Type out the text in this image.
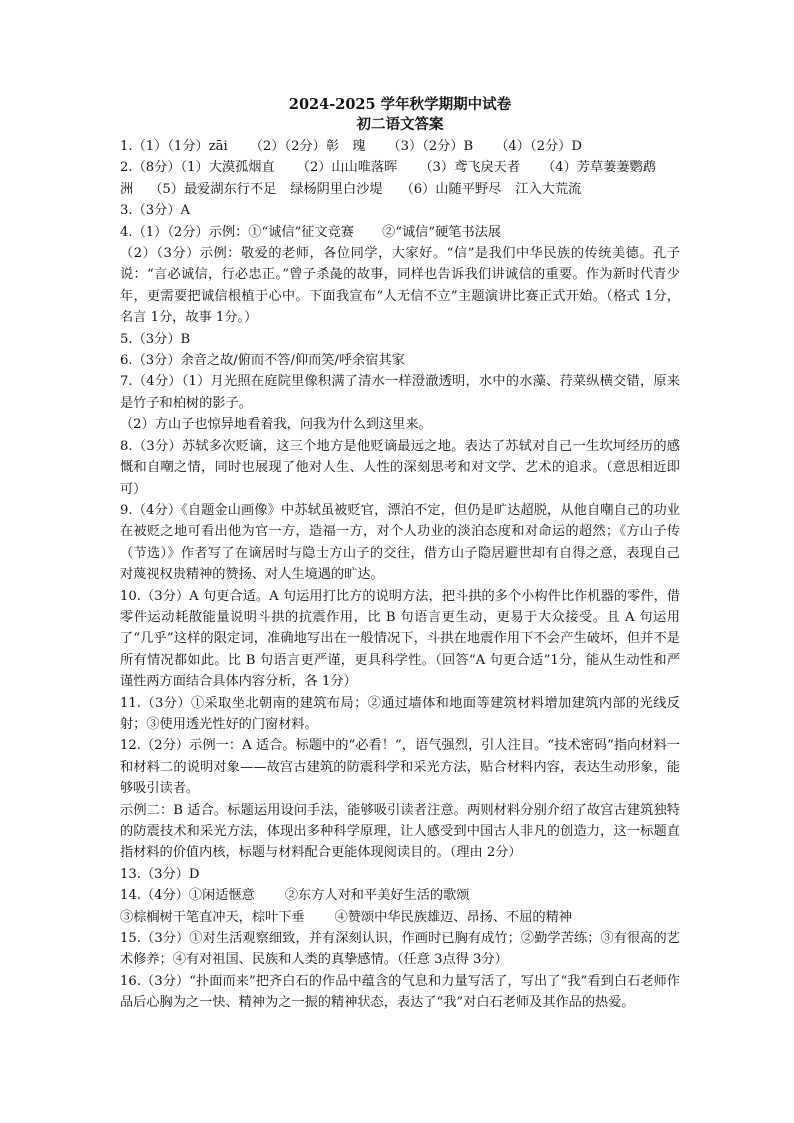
2024-2025 学年秋学期期中试卷

初二语文答案

1.（1）（1分）zāi （2）（2分）彰　瑰 （3）（2分）B （4）（2分）D

2.（8分）（1）大漠孤烟直 （2）山山唯落晖 （3）鸢飞戾天者 （4）芳草萋萋鹦鹉

洲 （5）最爱湖东行不足 绿杨阴里白沙堤 （6）山随平野尽 江入大荒流

3.（3分）A

4.（1）（2分）示例：①“诚信”征文竞赛 ②“诚信”硬笔书法展

（2）（3分）示例：敬爱的老师，各位同学，大家好。“信”是我们中华民族的传统美德。孔子说：“言必诚信，行必忠正。”曾子杀彘的故事，同样也告诉我们讲诚信的重要。作为新时代青少年，更需要把诚信根植于心中。下面我宣布“人无信不立”主题演讲比赛正式开始。（格式 1分，名言 1分，故事 1分。）

5.（3分）B

6.（3分）余音之故/俯而不答/仰而笑/呼余宿其家

7.（4分）（1）月光照在庭院里像积满了清水一样澄澈透明，水中的水藻、荇菜纵横交错，原来是竹子和柏树的影子。

（2）方山子也惊异地看着我，问我为什么到这里来。

8.（3分）苏轼多次贬谪，这三个地方是他贬谪最远之地。表达了苏轼对自己一生坎坷经历的感慨和自嘲之情，同时也展现了他对人生、人性的深刻思考和对文学、艺术的追求。（意思相近即可）

9.（4分）《自题金山画像》中苏轼虽被贬官，漂泊不定，但仍是旷达超脱，从他自嘲自己的功业在被贬之地可看出他为官一方，造福一方，对个人功业的淡泊态度和对命运的超然；《方山子传（节选）》作者写了在谪居时与隐士方山子的交往，借方山子隐居避世却有自得之意，表现自己对蔑视权贵精神的赞扬、对人生境遇的旷达。

10.（3分）A 句更合适。A 句运用打比方的说明方法，把斗拱的多个小构件比作机器的零件，借零件运动耗散能量说明斗拱的抗震作用，比 B 句语言更生动，更易于大众接受。且 A 句运用了“几乎”这样的限定词，准确地写出在一般情况下，斗拱在地震作用下不会产生破坏，但并不是所有情况都如此。比 B 句语言更严谨，更具科学性。（回答“A 句更合适”1分，能从生动性和严谨性两方面结合具体内容分析，各 1分）

11.（3分）①采取坐北朝南的建筑布局；②通过墙体和地面等建筑材料增加建筑内部的光线反射；③使用透光性好的门窗材料。

12.（2分）示例一：A 适合。标题中的“必看！”，语气强烈，引人注目。“技术密码”指向材料一和材料二的说明对象——故宫古建筑的防震科学和采光方法，贴合材料内容，表达生动形象，能够吸引读者。

示例二：B 适合。标题运用设问手法，能够吸引读者注意。两则材料分别介绍了故宫古建筑独特的防震技术和采光方法，体现出多种科学原理，让人感受到中国古人非凡的创造力，这一标题直指材料的价值内核，标题与材料配合更能体现阅读目的。（理由 2分）

13.（3分）D

14.（4分）①闲适惬意 ②东方人对和平美好生活的歌颂

③棕榈树干笔直冲天，棕叶下垂 ④赞颂中华民族雄迈、昂扬、不屈的精神

15.（3分）①对生活观察细致，并有深刻认识，作画时已胸有成竹；②勤学苦练；③有很高的艺术修养；④有对祖国、民族和人类的真挚感情。（任意 3点得 3分）

16.（3分）“扑面而来”把齐白石的作品中蕴含的气息和力量写活了，写出了“我”看到白石老师作品后心胸为之一快、精神为之一振的精神状态，表达了“我”对白石老师及其作品的热爱。
